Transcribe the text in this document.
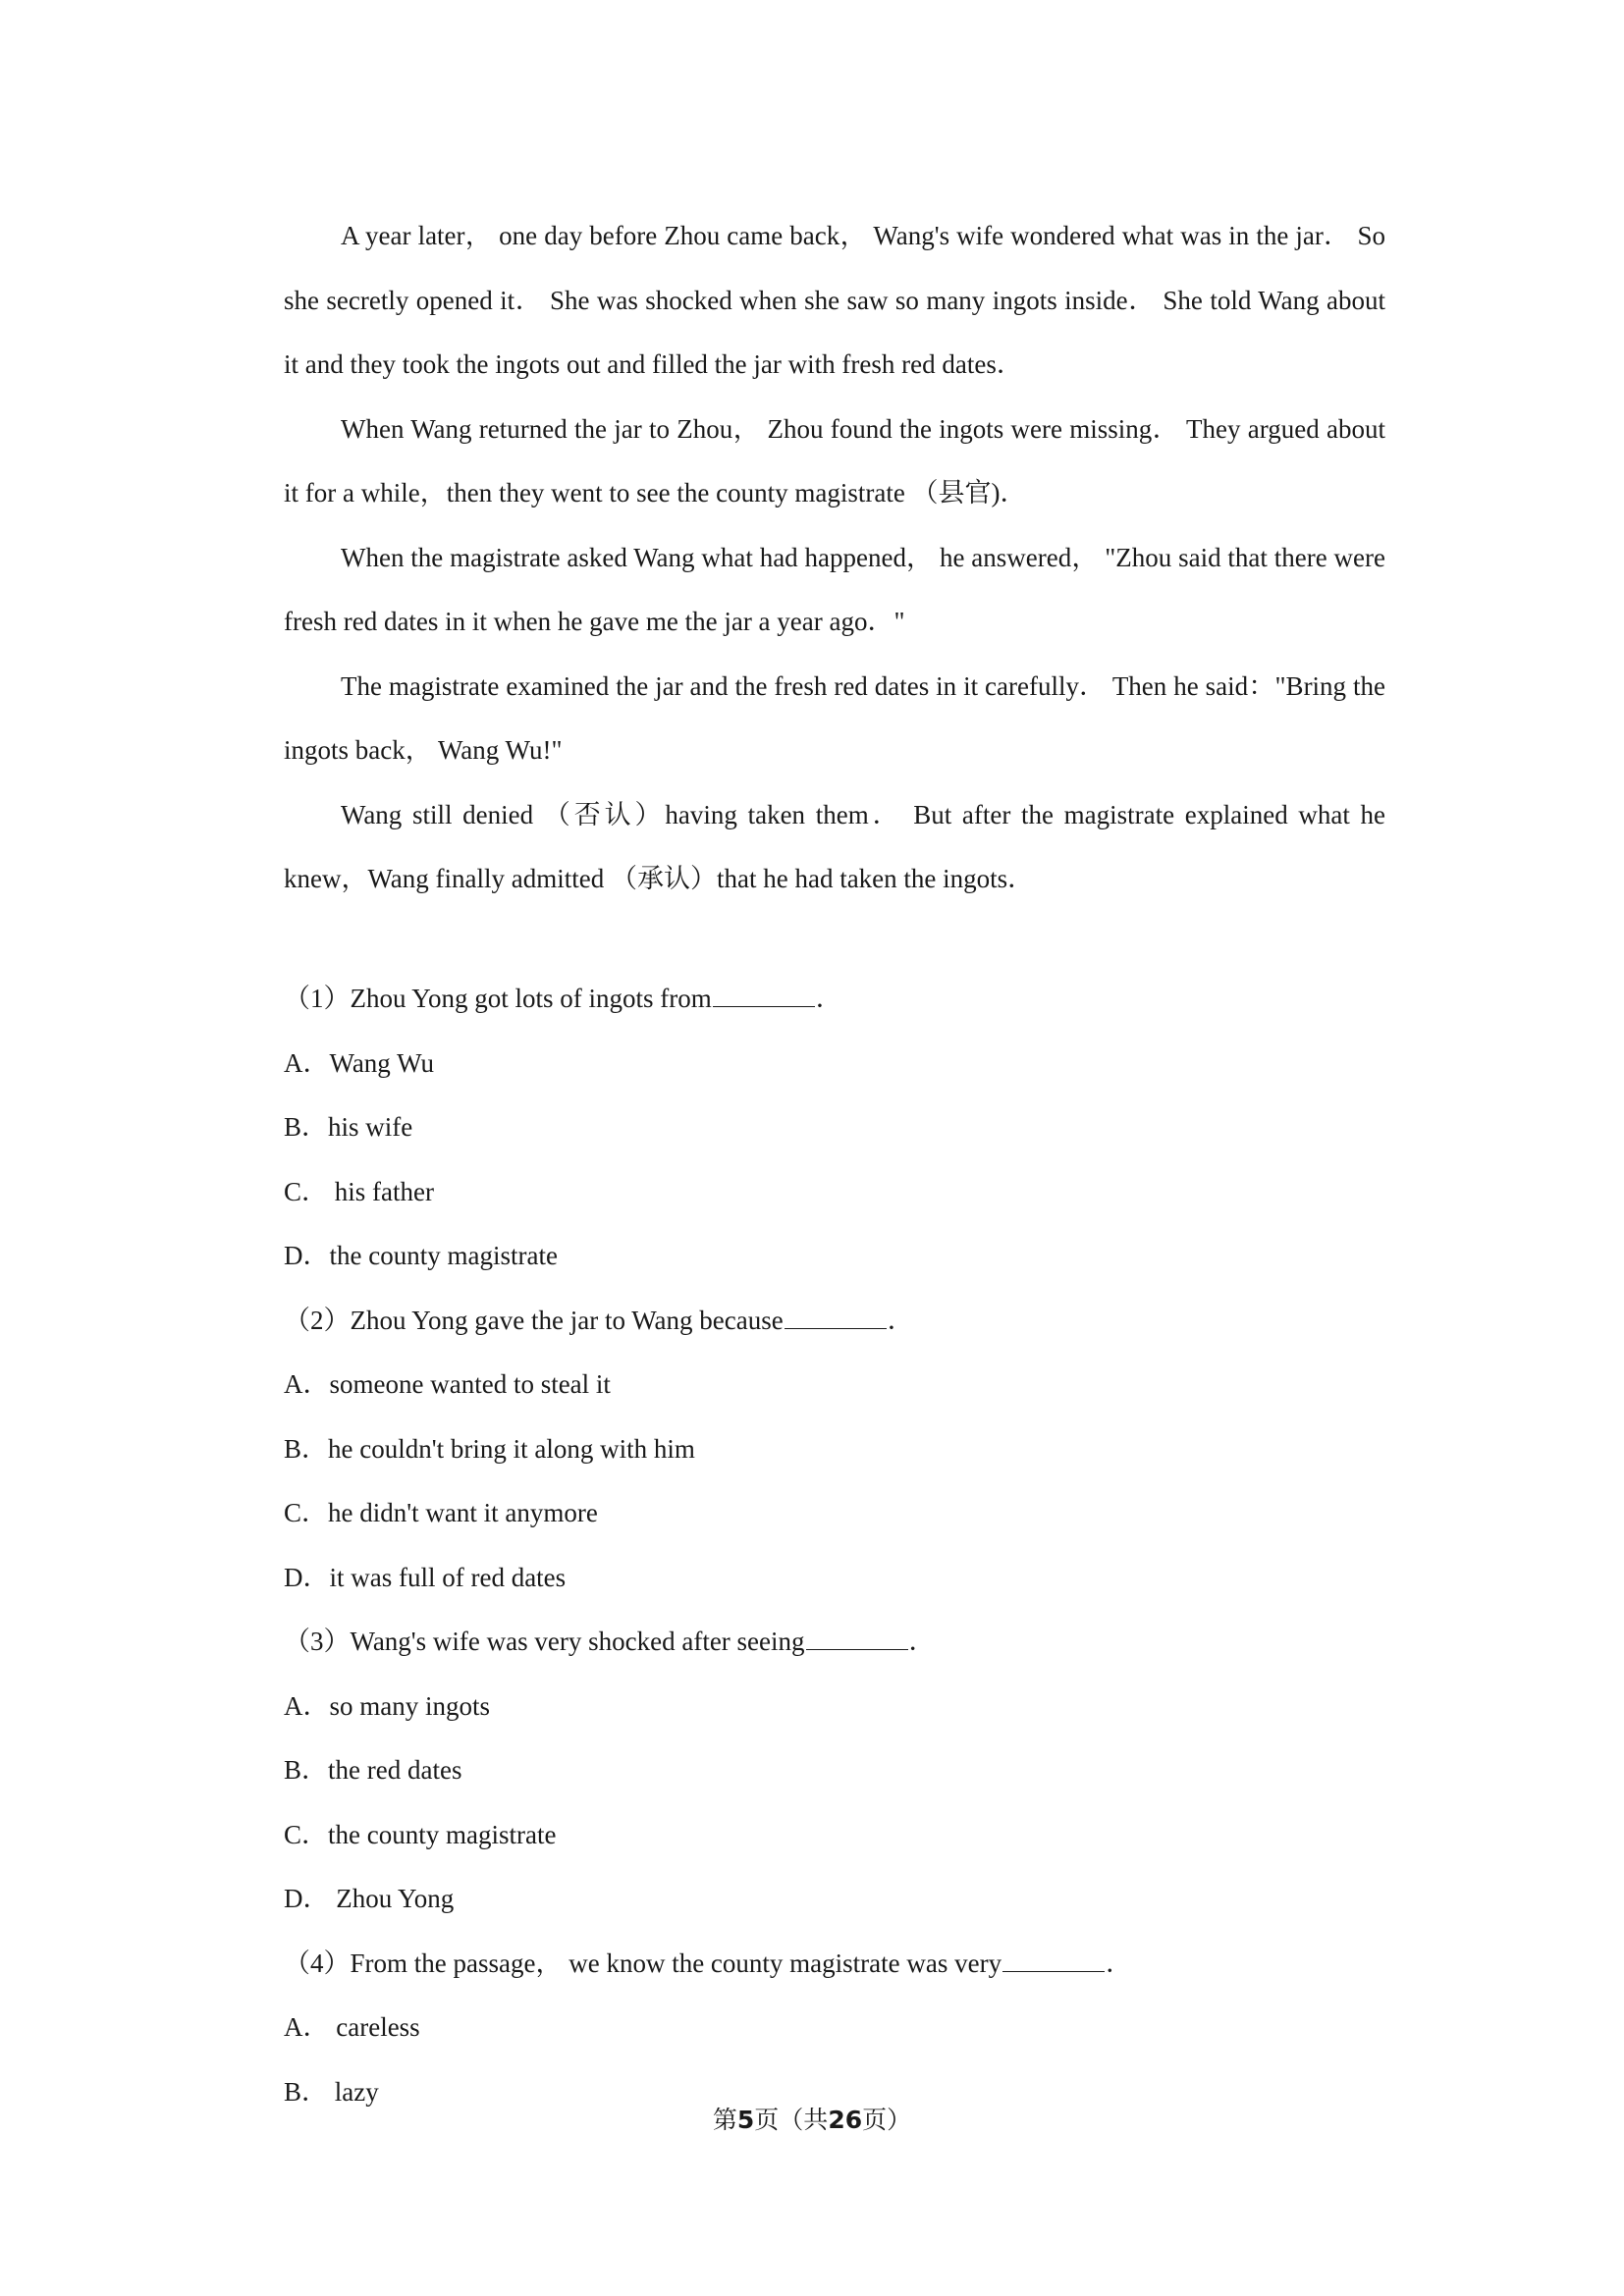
A year later， one day before Zhou came back， Wang's wife wondered what was in the jar． So she secretly opened it． She was shocked when she saw so many ingots inside． She told Wang about it and they took the ingots out and filled the jar with fresh red dates．

When Wang returned the jar to Zhou， Zhou found the ingots were missing． They argued about it for a while，then they went to see the county magistrate （县官)．

When the magistrate asked Wang what had happened， he answered， "Zhou said that there were fresh red dates in it when he gave me the jar a year ago．"

The magistrate examined the jar and the fresh red dates in it carefully． Then he said："Bring the ingots back， Wang Wu!"

Wang still denied （否认）having taken them． But after the magistrate explained what he knew，Wang finally admitted （承认）that he had taken the ingots．

（1）Zhou Yong got lots of ingots from	．

A．Wang Wu

B．his wife

C． his father

D．the county magistrate

（2）Zhou Yong gave the jar to Wang because	．

A．someone wanted to steal it

B．he couldn't bring it along with him

C．he didn't want it anymore

D．it was full of red dates

（3）Wang's wife was very shocked after seeing	．

A．so many ingots

B．the red dates

C．the county magistrate

D． Zhou Yong

（4）From the passage， we know the county magistrate was very	．

A． careless

B． lazy

第5页（共26页）
